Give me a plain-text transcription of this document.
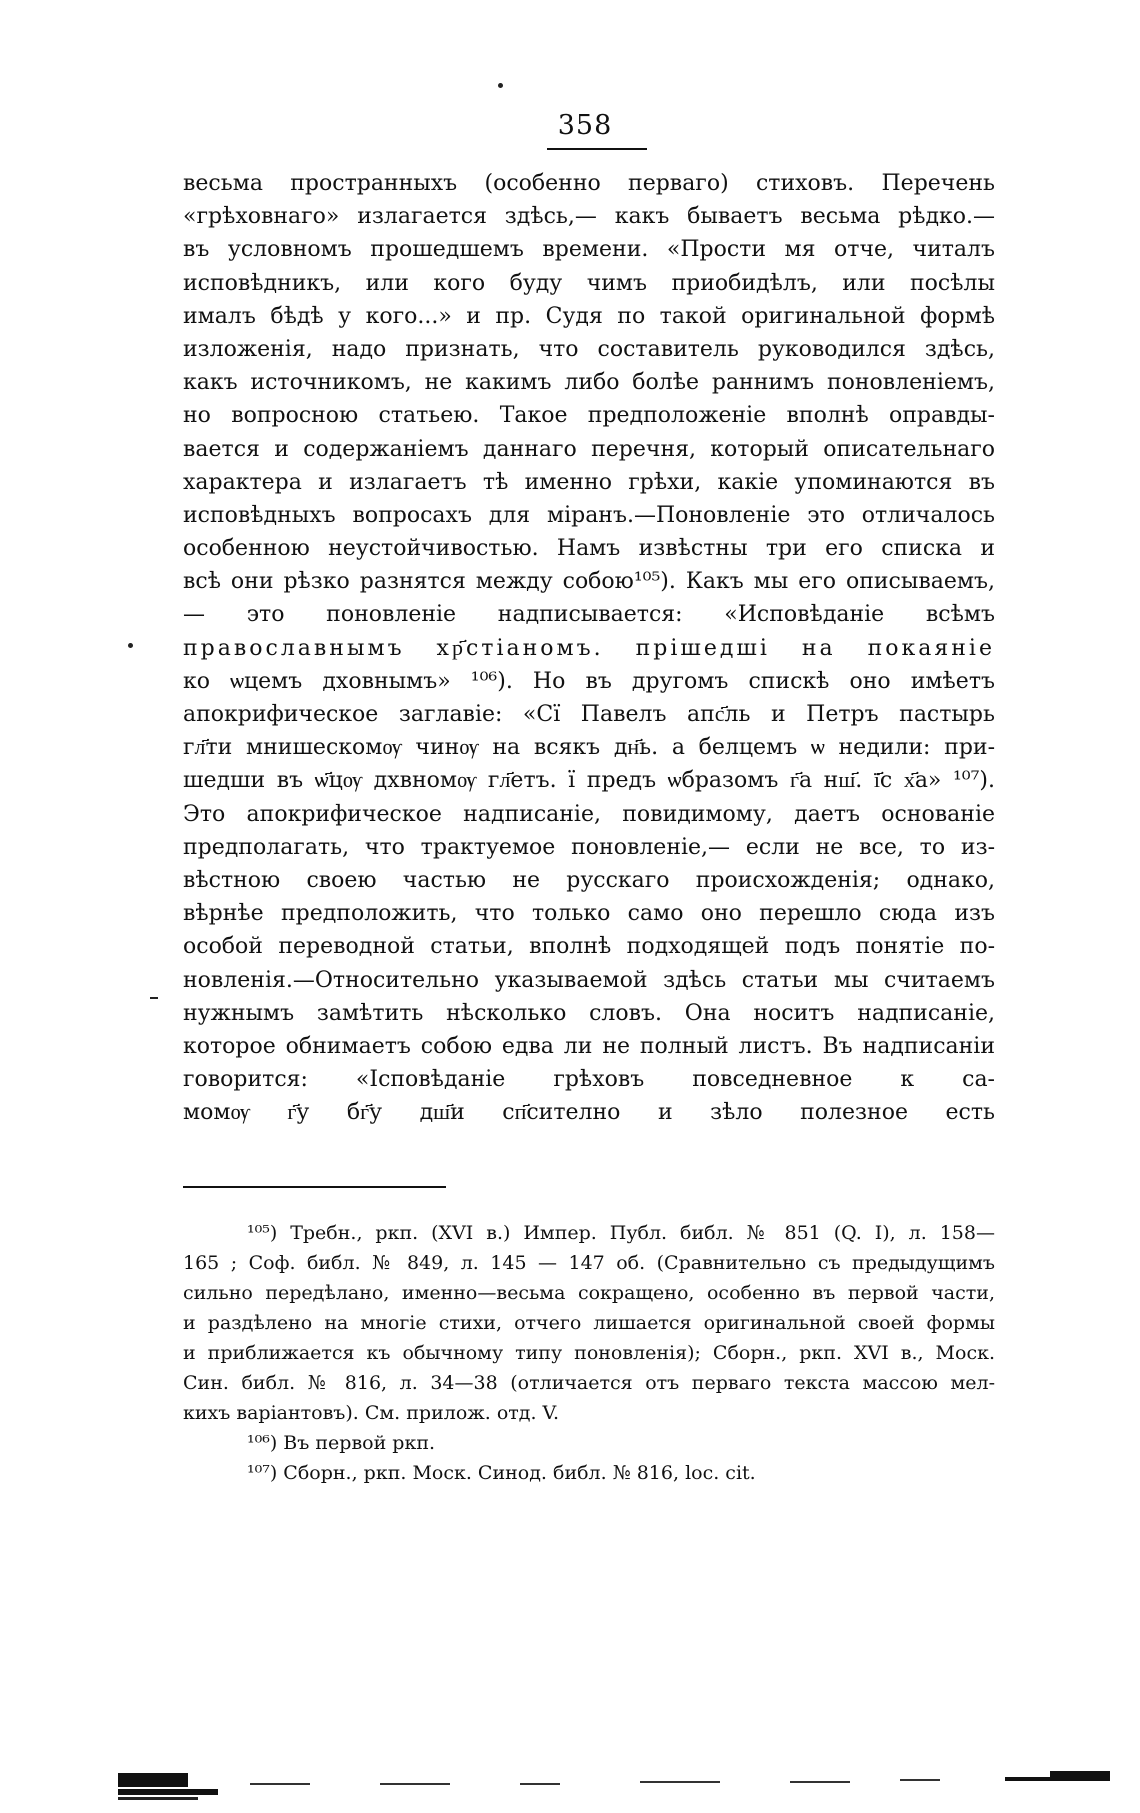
358
весьма пространныхъ (особенно перваго) стиховъ. Перечень
«грѣховнаго» излагается здѣсь,— какъ бываетъ весьма рѣдко.—
въ условномъ прошедшемъ времени. «Прости мя отче, читалъ
исповѣдникъ, или кого буду чимъ приобидѣлъ, или посѣлы
ималъ бѣдѣ у кого...» и пр. Судя по такой оригинальной формѣ
изложенія, надо признать, что составитель руководился здѣсь,
какъ источникомъ, не какимъ либо болѣе раннимъ поновленіемъ,
но вопросною статьею. Такое предположеніе вполнѣ оправды-
вается и содержаніемъ даннаго перечня, который описательнаго
характера и излагаетъ тѣ именно грѣхи, какіе упоминаются въ
исповѣдныхъ вопросахъ для міранъ.—Поновленіе это отличалось
особенною неустойчивостью. Намъ извѣстны три его списка и
всѣ они рѣзко разнятся между собою¹⁰⁵). Какъ мы его описываемъ,
— это поновленіе надписывается: «Исповѣданіе всѣмъ
православнымъ хр҃стіаномъ. прішедші на покаяніе
ко ѡцемъ дховнымъ» ¹⁰⁶). Но въ другомъ спискѣ оно имѣетъ
апокрифическое заглавіе: «Сї Павелъ апс҃ль и Петръ пастырь
гл҃ти мнишескомѹ чинѹ на всякъ дн҃ь. а белцемъ ѡ недили: при-
шедши въ ѡ҃цѹ дхвномѹ гл҃етъ. ї предъ ѡбразомъ г҃а нш҃. ї҃с х҃а» ¹⁰⁷).
Это апокрифическое надписаніе, повидимому, даетъ основаніе
предполагать, что трактуемое поновленіе,— если не все, то из-
вѣстною своею частью не русскаго происхожденія; однако,
вѣрнѣе предположить, что только само оно перешло сюда изъ
особой переводной статьи, вполнѣ подходящей подъ понятіе по-
новленія.—Относительно указываемой здѣсь статьи мы считаемъ
нужнымъ замѣтить нѣсколько словъ. Она носитъ надписаніе,
которое обнимаетъ собою едва ли не полный листъ. Въ надписаніи
говорится: «Ісповѣданіе грѣховъ повседневное к са-
момѹ г҃у бг҃у дш҃и сп҃сително и зѣло полезное есть
¹⁰⁵) Требн., ркп. (XVI в.) Импер. Публ. библ. № 851 (Q. I), л. 158—
165 ; Соф. библ. № 849, л. 145 — 147 об. (Сравнительно съ предыдущимъ
сильно передѣлано, именно—весьма сокращено, особенно въ первой части,
и раздѣлено на многіе стихи, отчего лишается оригинальной своей формы
и приближается къ обычному типу поновленія); Сборн., ркп. XVI в., Моск.
Син. библ. № 816, л. 34—38 (отличается отъ перваго текста массою мел-
кихъ варіантовъ). См. прилож. отд. V.
¹⁰⁶) Въ первой ркп.
¹⁰⁷) Сборн., ркп. Моск. Синод. библ. № 816, loc. cit.
